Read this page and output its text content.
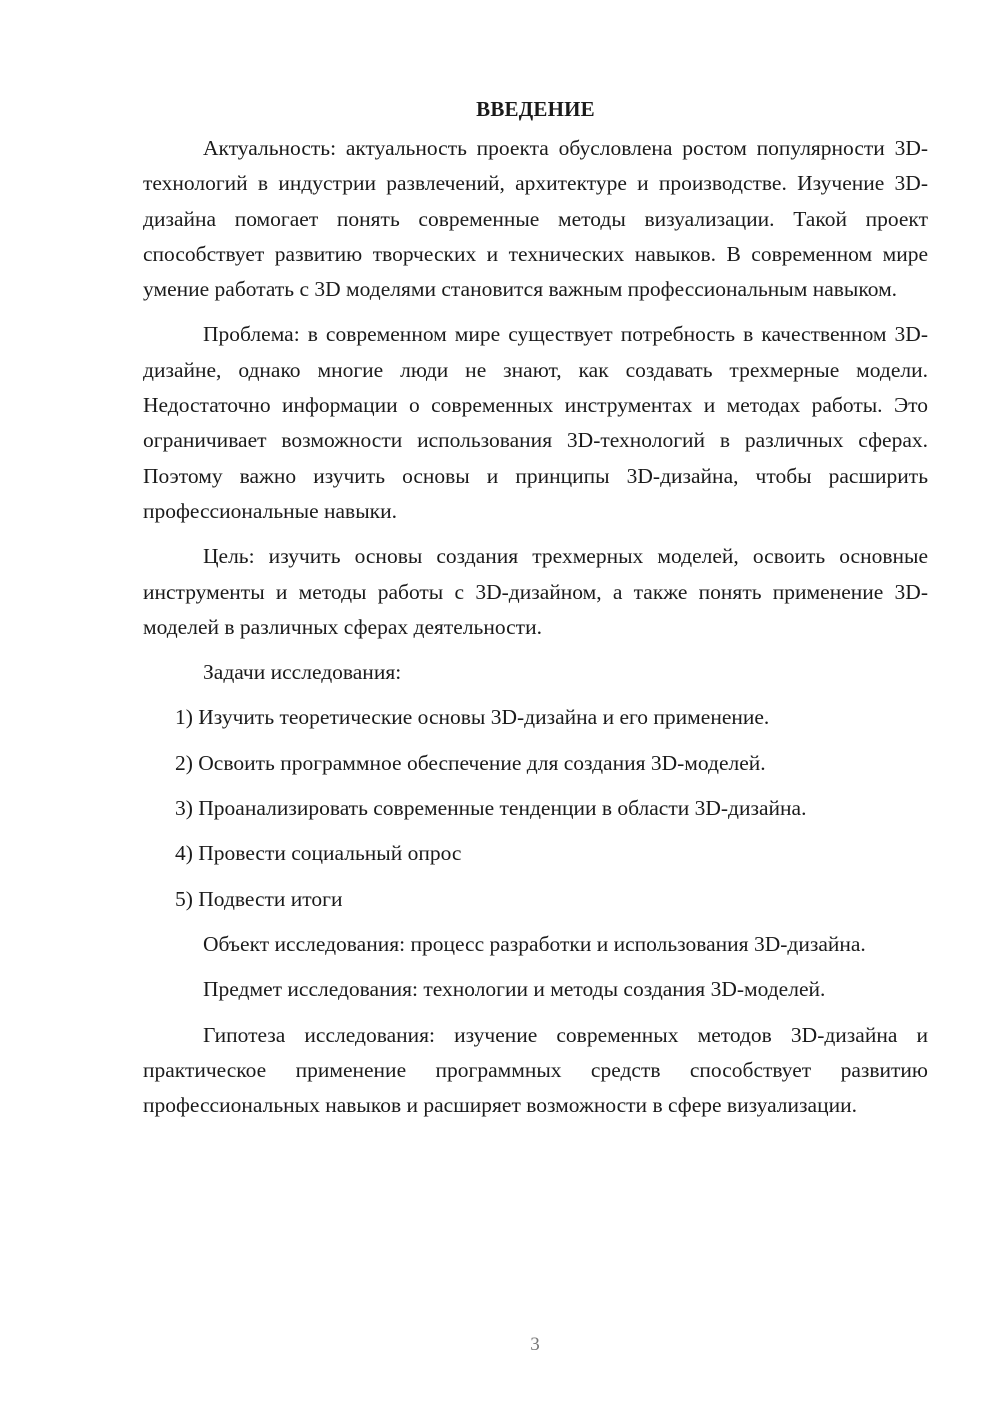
ВВЕДЕНИЕ

Актуальность: актуальность проекта обусловлена ростом популярности 3D-технологий в индустрии развлечений, архитектуре и производстве. Изучение 3D-дизайна помогает понять современные методы визуализации. Такой проект способствует развитию творческих и технических навыков. В современном мире умение работать с 3D моделями становится важным профессиональным навыком.

Проблема: в современном мире существует потребность в качественном 3D-дизайне, однако многие люди не знают, как создавать трехмерные модели. Недостаточно информации о современных инструментах и методах работы. Это ограничивает возможности использования 3D-технологий в различных сферах. Поэтому важно изучить основы и принципы 3D-дизайна, чтобы расширить профессиональные навыки.

Цель: изучить основы создания трехмерных моделей, освоить основные инструменты и методы работы с 3D-дизайном, а также понять применение 3D-моделей в различных сферах деятельности.

Задачи исследования:

1) Изучить теоретические основы 3D-дизайна и его применение.
2) Освоить программное обеспечение для создания 3D-моделей.
3) Проанализировать современные тенденции в области 3D-дизайна.
4) Провести социальный опрос
5) Подвести итоги

Объект исследования: процесс разработки и использования 3D-дизайна.

Предмет исследования: технологии и методы создания 3D-моделей.

Гипотеза исследования: изучение современных методов 3D-дизайна и практическое применение программных средств способствует развитию профессиональных навыков и расширяет возможности в сфере визуализации.

3
